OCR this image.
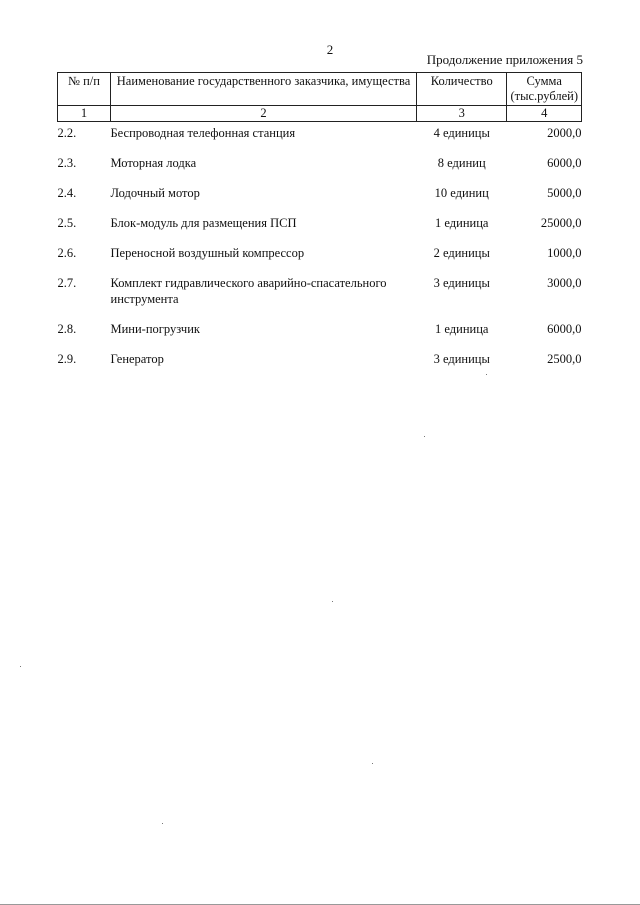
2
Продолжение приложения 5
№ п/п	Наименование государственного заказчика, имущества	Количество	Сумма (тыс.рублей)
1	2	3	4
2.2.	Беспроводная телефонная станция	4 единицы	2000,0
2.3.	Моторная лодка	8 единиц	6000,0
2.4.	Лодочный мотор	10 единиц	5000,0
2.5.	Блок-модуль для размещения ПСП	1 единица	25000,0
2.6.	Переносной воздушный компрессор	2 единицы	1000,0
2.7.	Комплект гидравлического аварийно-спасательного инструмента	3 единицы	3000,0
2.8.	Мини-погрузчик	1 единица	6000,0
2.9.	Генератор	3 единицы	2500,0
